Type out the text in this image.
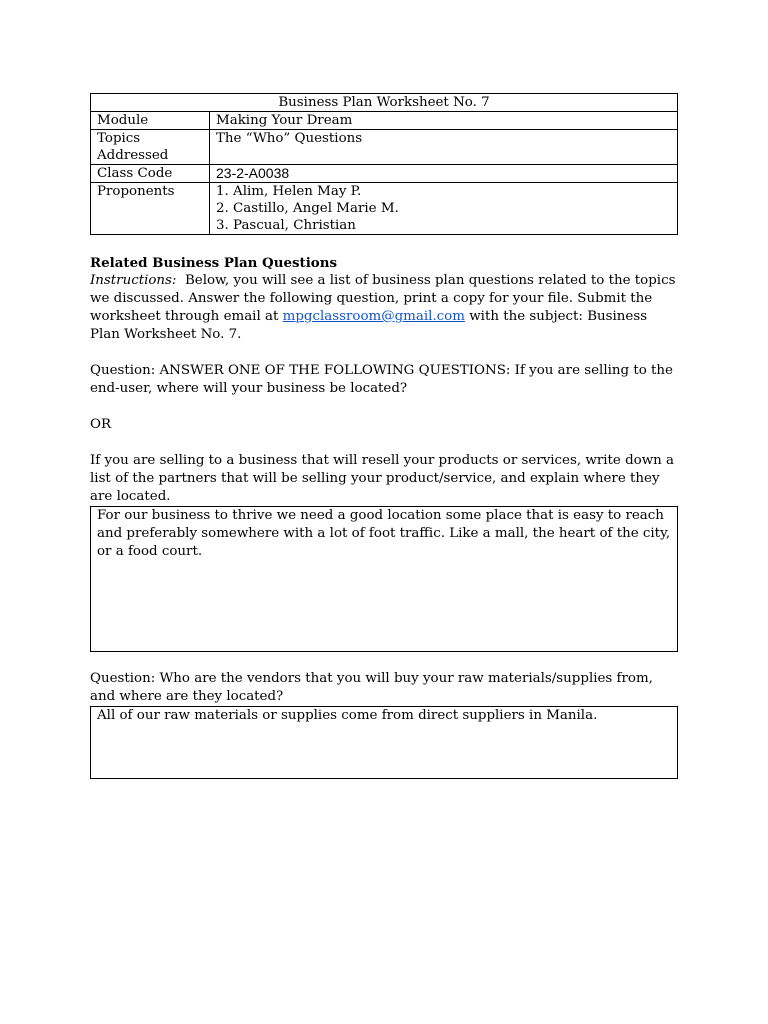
Business Plan Worksheet No. 7	
Module	Making Your Dream
Topics Addressed	The “Who” Questions
Class Code	23-2-A0038
Proponents	1. Alim, Helen May P.
2. Castillo, Angel Marie M.
3. Pascual, Christian

Related Business Plan Questions

Instructions: Below, you will see a list of business plan questions related to the topics we discussed. Answer the following question, print a copy for your file. Submit the worksheet through email at mpgclassroom@gmail.com with the subject: Business Plan Worksheet No. 7.

Question: ANSWER ONE OF THE FOLLOWING QUESTIONS: If you are selling to the end-user, where will your business be located?

OR

If you are selling to a business that will resell your products or services, write down a list of the partners that will be selling your product/service, and explain where they are located.

For our business to thrive we need a good location some place that is easy to reach and preferably somewhere with a lot of foot traffic. Like a mall, the heart of the city, or a food court.

Question: Who are the vendors that you will buy your raw materials/supplies from, and where are they located?

All of our raw materials or supplies come from direct suppliers in Manila.
